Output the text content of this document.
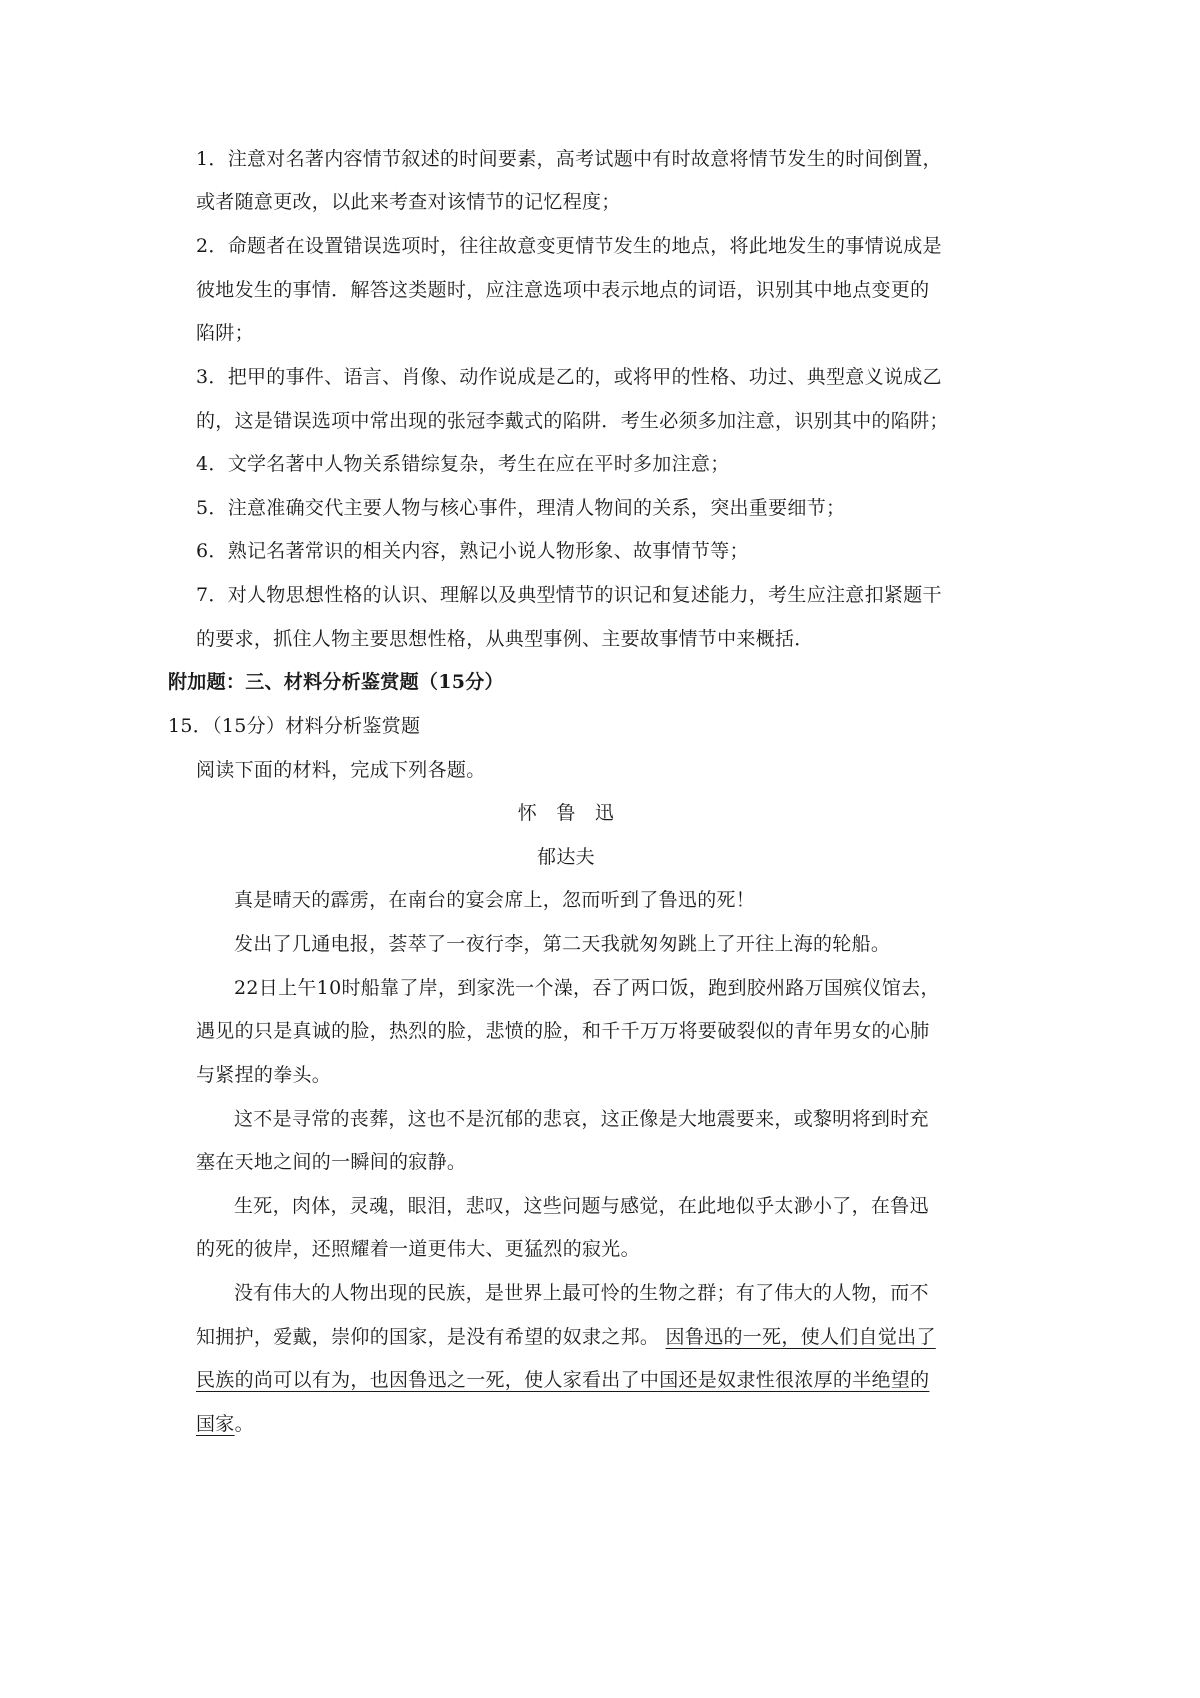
1．注意对名著内容情节叙述的时间要素，高考试题中有时故意将情节发生的时间倒置，
或者随意更改，以此来考查对该情节的记忆程度；
2．命题者在设置错误选项时，往往故意变更情节发生的地点，将此地发生的事情说成是
彼地发生的事情．解答这类题时，应注意选项中表示地点的词语，识别其中地点变更的
陷阱；
3．把甲的事件、语言、肖像、动作说成是乙的，或将甲的性格、功过、典型意义说成乙
的，这是错误选项中常出现的张冠李戴式的陷阱．考生必须多加注意，识别其中的陷阱；
4．文学名著中人物关系错综复杂，考生在应在平时多加注意；
5．注意准确交代主要人物与核心事件，理清人物间的关系，突出重要细节；
6．熟记名著常识的相关内容，熟记小说人物形象、故事情节等；
7．对人物思想性格的认识、理解以及典型情节的识记和复述能力，考生应注意扣紧题干
的要求，抓住人物主要思想性格，从典型事例、主要故事情节中来概括．
附加题：三、材料分析鉴赏题（15分）
15．（15分）材料分析鉴赏题
阅读下面的材料，完成下列各题。
怀　鲁　迅
郁达夫
真是晴天的霹雳，在南台的宴会席上，忽而听到了鲁迅的死！
发出了几通电报，荟萃了一夜行李，第二天我就匆匆跳上了开往上海的轮船。
22日上午10时船靠了岸，到家洗一个澡，吞了两口饭，跑到胶州路万国殡仪馆去，
遇见的只是真诚的脸，热烈的脸，悲愤的脸，和千千万万将要破裂似的青年男女的心肺
与紧捏的拳头。
这不是寻常的丧葬，这也不是沉郁的悲哀，这正像是大地震要来，或黎明将到时充
塞在天地之间的一瞬间的寂静。
生死，肉体，灵魂，眼泪，悲叹，这些问题与感觉，在此地似乎太渺小了，在鲁迅
的死的彼岸，还照耀着一道更伟大、更猛烈的寂光。
没有伟大的人物出现的民族，是世界上最可怜的生物之群；有了伟大的人物，而不
知拥护，爱戴，崇仰的国家，是没有希望的奴隶之邦。 因鲁迅的一死，使人们自觉出了
民族的尚可以有为，也因鲁迅之一死，使人家看出了中国还是奴隶性很浓厚的半绝望的
国家。
